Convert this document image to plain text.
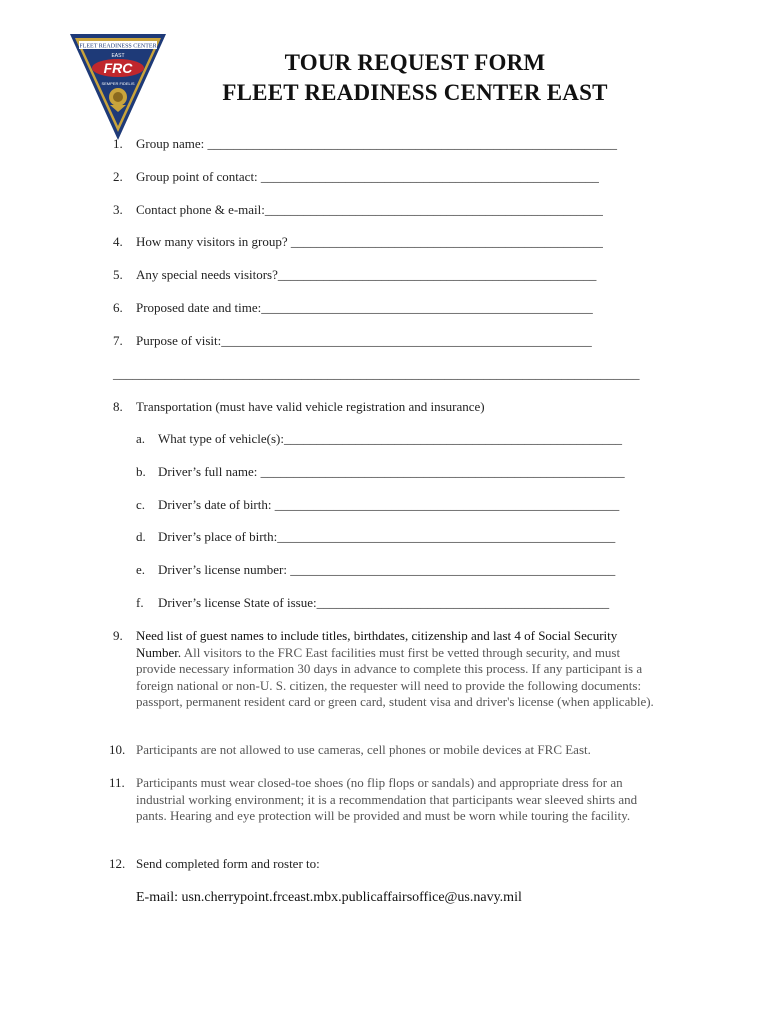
FLEET READINESS CENTER
EAST
FRC
SEMPER FIDELIS
TOUR REQUEST FORM
FLEET READINESS CENTER EAST
1. Group name: _______________________________________________________________
2. Group point of contact: ____________________________________________________
3. Contact phone & e-mail:____________________________________________________
4. How many visitors in group? ________________________________________________
5. Any special needs visitors?_________________________________________________
6. Proposed date and time:___________________________________________________
7. Purpose of visit:_________________________________________________________
_________________________________________________________________________________
8. Transportation (must have valid vehicle registration and insurance)
a. What type of vehicle(s):____________________________________________________
b. Driver’s full name: ________________________________________________________
c. Driver’s date of birth: _____________________________________________________
d. Driver’s place of birth:____________________________________________________
e. Driver’s license number: __________________________________________________
f. Driver’s license State of issue:_____________________________________________
9. Need list of guest names to include titles, birthdates, citizenship and last 4 of Social Security Number. All visitors to the FRC East facilities must first be vetted through security, and must provide necessary information 30 days in advance to complete this process. If any participant is a foreign national or non-U. S. citizen, the requester will need to provide the following documents: passport, permanent resident card or green card, student visa and driver's license (when applicable).
10. Participants are not allowed to use cameras, cell phones or mobile devices at FRC East.
11. Participants must wear closed-toe shoes (no flip flops or sandals) and appropriate dress for an industrial working environment; it is a recommendation that participants wear sleeved shirts and pants. Hearing and eye protection will be provided and must be worn while touring the facility.
12. Send completed form and roster to:
E-mail: usn.cherrypoint.frceast.mbx.publicaffairsoffice@us.navy.mil
